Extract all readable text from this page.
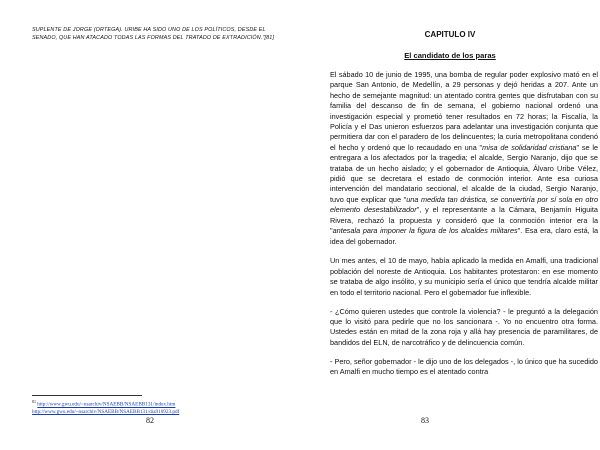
SUPLENTE DE JORGE (ORTEGA). URIBE HA SIDO UNO DE LOS POLÍTICOS, DESDE EL SENADO, QUE HAN ATACADO TODAS LAS FORMAS DEL TRATADO DE EXTRADICIÓN."[81]

$^{81}$ http://www.gwu.edu/~nsarchiv/NSAEBB/NSAEBB131/index.htm
http://www.gwu.edu/~nsarchiv/NSAEBB/NSAEBB131/dia910923.pdf
82
CAPITULO IV
El candidato de los paras

El sábado 10 de junio de 1995, una bomba de regular poder explosivo mató en el parque San Antonio, de Medellín, a 29 personas y dejó heridas a 207. Ante un hecho de semejante magnitud: un atentado contra gentes que disfrutaban con su familia del descanso de fin de semana, el gobierno nacional ordenó una investigación especial y prometió tener resultados en 72 horas; la Fiscalía, la Policía y el Das unieron esfuerzos para adelantar una investigación conjunta que permitiera dar con el paradero de los delincuentes; la curia metropolitana condenó el hecho y ordenó que lo recaudado en una "misa de solidaridad cristiana" se le entregara a los afectados por la tragedia; el alcalde, Sergio Naranjo, dijo que se trataba de un hecho aislado; y el gobernador de Antioquia, Álvaro Uribe Vélez, pidió que se decretara el estado de conmoción interior. Ante esa curiosa intervención del mandatario seccional, el alcalde de la ciudad, Sergio Naranjo, tuvo que explicar que "una medida tan drástica, se convertiría por sí sola en otro elemento desestabilizador", y el representante a la Cámara, Benjamín Higuita Rivera, rechazó la propuesta y consideró que la conmoción interior era la "antesala para imponer la figura de los alcaldes militares". Esa era, claro está, la idea del gobernador.

Un mes antes, el 10 de mayo, había aplicado la medida en Amalfi, una tradicional población del noreste de Antioquia. Los habitantes protestaron: en ese momento se trataba de algo insólito, y su municipio sería el único que tendría alcalde militar en todo el territorio nacional. Pero el gobernador fue inflexible.

- ¿Cómo quieren ustedes que controle la violencia? - le preguntó a la delegación que lo visitó para pedirle que no los sancionara -. Yo no encuentro otra forma. Ustedes están en mitad de la zona roja y allá hay presencia de paramilitares, de bandidos del ELN, de narcotráfico y de delincuencia común.

- Pero, señor gobernador - le dijo uno de los delegados -, lo único que ha sucedido en Amalfi en mucho tiempo es el atentado contra

83
